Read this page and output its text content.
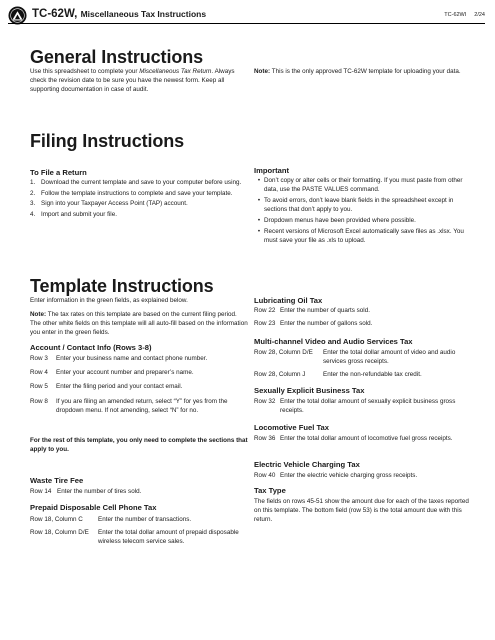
TC-62W, Miscellaneous Tax Instructions	TC-62WI 2/24
General Instructions
Use this spreadsheet to complete your Miscellaneous Tax Return. Always check the revision date to be sure you have the newest form. Keep all supporting documentation in case of audit.
Note: This is the only approved TC-62W template for uploading your data.
Filing Instructions
To File a Return
1. Download the current template and save to your computer before using.
2. Follow the template instructions to complete and save your template.
3. Sign into your Taxpayer Access Point (TAP) account.
4. Import and submit your file.
Important
• Don’t copy or alter cells or their formatting. If you must paste from other data, use the PASTE VALUES command.
• To avoid errors, don’t leave blank fields in the spreadsheet except in sections that don’t apply to you.
• Dropdown menus have been provided where possible.
• Recent versions of Microsoft Excel automatically save files as .xlsx. You must save your file as .xls to upload.
Template Instructions
Enter information in the green fields, as explained below.
Note: The tax rates on this template are based on the current filing period. The other white fields on this template will all auto-fill based on the information you enter in the green fields.
Account / Contact Info (Rows 3-8)
Row 3	Enter your business name and contact phone number.
Row 4	Enter your account number and preparer’s name.
Row 5	Enter the filing period and your contact email.
Row 8	If you are filing an amended return, select “Y” for yes from the dropdown menu. If not amending, select “N” for no.
For the rest of this template, you only need to complete the sections that apply to you.
Waste Tire Fee
Row 14 Enter the number of tires sold.
Prepaid Disposable Cell Phone Tax
Row 18, Column C	Enter the number of transactions.
Row 18, Column D/E	Enter the total dollar amount of prepaid disposable wireless telecom service sales.
Lubricating Oil Tax
Row 22 Enter the number of quarts sold.
Row 23 Enter the number of gallons sold.
Multi-channel Video and Audio Services Tax
Row 28, Column D/E	Enter the total dollar amount of video and audio services gross receipts.
Row 28, Column J	Enter the non-refundable tax credit.
Sexually Explicit Business Tax
Row 32 Enter the total dollar amount of sexually explicit business gross receipts.
Locomotive Fuel Tax
Row 36 Enter the total dollar amount of locomotive fuel gross receipts.
Electric Vehicle Charging Tax
Row 40 Enter the electric vehicle charging gross receipts.
Tax Type
The fields on rows 45-51 show the amount due for each of the taxes reported on this template. The bottom field (row 53) is the total amount due with this return.
